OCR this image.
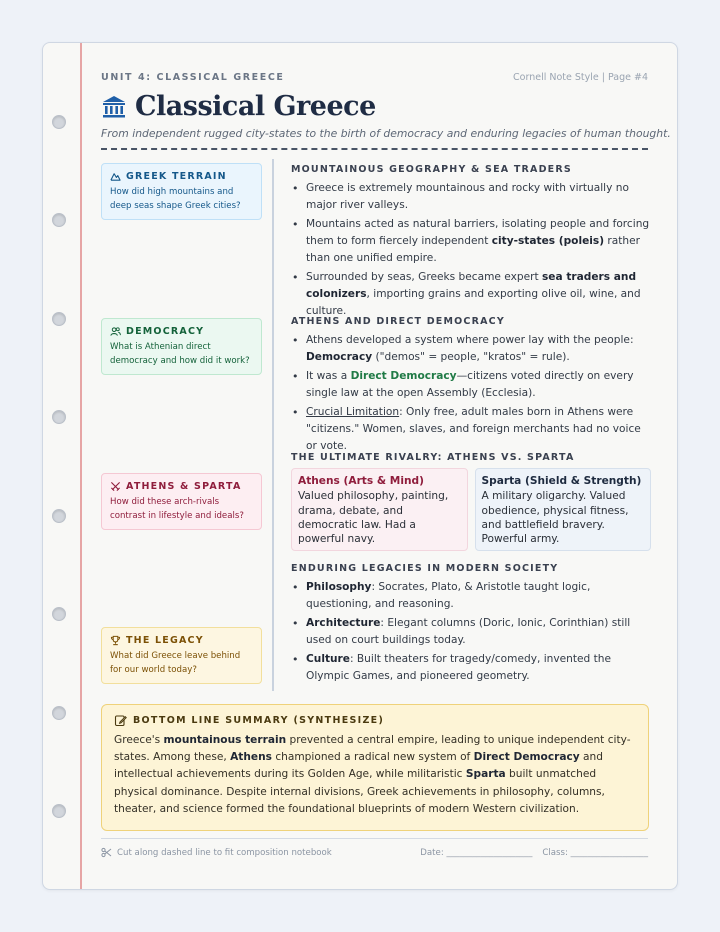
UNIT 4: CLASSICAL GREECE	Cornell Note Style | Page #4
Classical Greece
From independent rugged city-states to the birth of democracy and enduring legacies of human thought.
GREEK TERRAIN
How did high mountains and deep seas shape Greek cities?
DEMOCRACY
What is Athenian direct democracy and how did it work?
ATHENS & SPARTA
How did these arch-rivals contrast in lifestyle and ideals?
THE LEGACY
What did Greece leave behind for our world today?
MOUNTAINOUS GEOGRAPHY & SEA TRADERS
• Greece is extremely mountainous and rocky with virtually no major river valleys.
• Mountains acted as natural barriers, isolating people and forcing them to form fiercely independent city-states (poleis) rather than one unified empire.
• Surrounded by seas, Greeks became expert sea traders and colonizers, importing grains and exporting olive oil, wine, and culture.
ATHENS AND DIRECT DEMOCRACY
• Athens developed a system where power lay with the people: Democracy ("demos" = people, "kratos" = rule).
• It was a Direct Democracy—citizens voted directly on every single law at the open Assembly (Ecclesia).
• Crucial Limitation: Only free, adult males born in Athens were "citizens." Women, slaves, and foreign merchants had no voice or vote.
THE ULTIMATE RIVALRY: ATHENS VS. SPARTA
Athens (Arts & Mind)
Valued philosophy, painting, drama, debate, and democratic law. Had a powerful navy.
Sparta (Shield & Strength)
A military oligarchy. Valued obedience, physical fitness, and battlefield bravery. Powerful army.
ENDURING LEGACIES IN MODERN SOCIETY
• Philosophy: Socrates, Plato, & Aristotle taught logic, questioning, and reasoning.
• Architecture: Elegant columns (Doric, Ionic, Corinthian) still used on court buildings today.
• Culture: Built theaters for tragedy/comedy, invented the Olympic Games, and pioneered geometry.
BOTTOM LINE SUMMARY (SYNTHESIZE)
Greece's mountainous terrain prevented a central empire, leading to unique independent city-states. Among these, Athens championed a radical new system of Direct Democracy and intellectual achievements during its Golden Age, while militaristic Sparta built unmatched physical dominance. Despite internal divisions, Greek achievements in philosophy, columns, theater, and science formed the foundational blueprints of modern Western civilization.
Cut along dashed line to fit composition notebook	Date: ____________________ Class: __________________
